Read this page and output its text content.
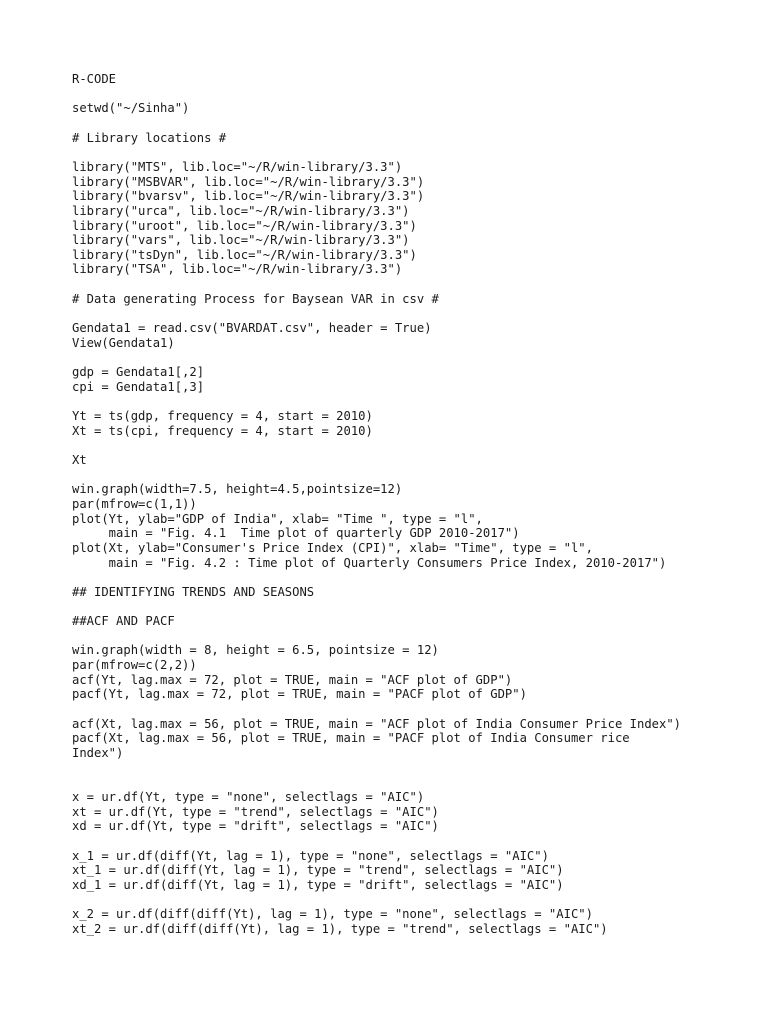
R-CODE
setwd("~/Sinha")
# Library locations #
library("MTS", lib.loc="~/R/win-library/3.3")
library("MSBVAR", lib.loc="~/R/win-library/3.3")
library("bvarsv", lib.loc="~/R/win-library/3.3")
library("urca", lib.loc="~/R/win-library/3.3")
library("uroot", lib.loc="~/R/win-library/3.3")
library("vars", lib.loc="~/R/win-library/3.3")
library("tsDyn", lib.loc="~/R/win-library/3.3")
library("TSA", lib.loc="~/R/win-library/3.3")
# Data generating Process for Baysean VAR in csv #
Gendata1 = read.csv("BVARDAT.csv", header = True)
View(Gendata1)
gdp = Gendata1[,2]
cpi = Gendata1[,3]
Yt = ts(gdp, frequency = 4, start = 2010)
Xt = ts(cpi, frequency = 4, start = 2010)
Xt
win.graph(width=7.5, height=4.5,pointsize=12)
par(mfrow=c(1,1))
plot(Yt, ylab="GDP of India", xlab= "Time ", type = "l",
main = "Fig. 4.1  Time plot of quarterly GDP 2010-2017")
plot(Xt, ylab="Consumer's Price Index (CPI)", xlab= "Time", type = "l",
main = "Fig. 4.2 : Time plot of Quarterly Consumers Price Index, 2010-2017")
## IDENTIFYING TRENDS AND SEASONS
##ACF AND PACF
win.graph(width = 8, height = 6.5, pointsize = 12)
par(mfrow=c(2,2))
acf(Yt, lag.max = 72, plot = TRUE, main = "ACF plot of GDP")
pacf(Yt, lag.max = 72, plot = TRUE, main = "PACF plot of GDP")
acf(Xt, lag.max = 56, plot = TRUE, main = "ACF plot of India Consumer Price Index")
pacf(Xt, lag.max = 56, plot = TRUE, main = "PACF plot of India Consumer rice
Index")
x = ur.df(Yt, type = "none", selectlags = "AIC")
xt = ur.df(Yt, type = "trend", selectlags = "AIC")
xd = ur.df(Yt, type = "drift", selectlags = "AIC")
x_1 = ur.df(diff(Yt, lag = 1), type = "none", selectlags = "AIC")
xt_1 = ur.df(diff(Yt, lag = 1), type = "trend", selectlags = "AIC")
xd_1 = ur.df(diff(Yt, lag = 1), type = "drift", selectlags = "AIC")
x_2 = ur.df(diff(diff(Yt), lag = 1), type = "none", selectlags = "AIC")
xt_2 = ur.df(diff(diff(Yt), lag = 1), type = "trend", selectlags = "AIC")
